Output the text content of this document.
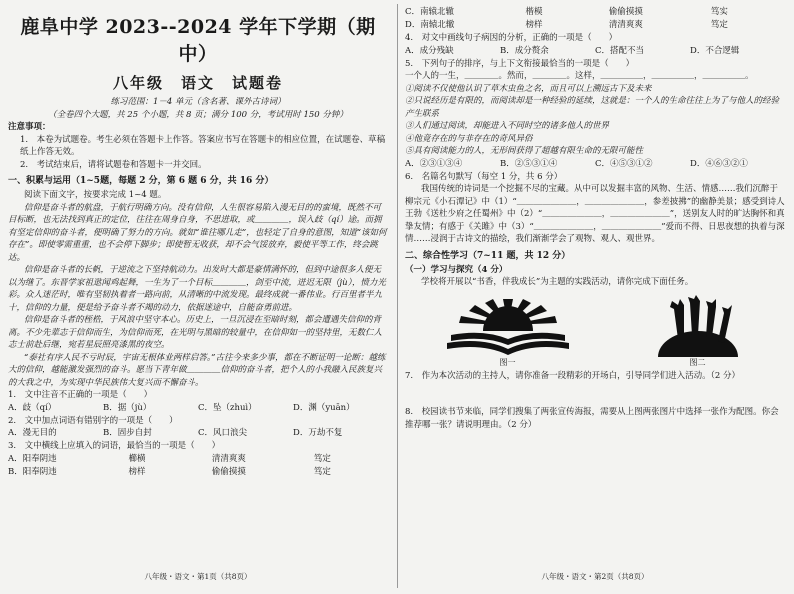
鹿阜中学 2023--2024 学年下学期（期中）
八年级　语文　试题卷

练习范围：1－4 单元（含名著、课外古诗词）

（全卷四个大题，共 25 个小题，共 8 页；满分 100 分，考试用时 150 分钟）

注意事项：

1.　本卷为试题卷。考生必须在答题卡上作答。答案应书写在答题卡的相应位置，在试题卷、草稿纸上作答无效。

2.　考试结束后，请将试题卷和答题卡一并交回。

一、积累与运用（1~5题，每题 2 分，第 6 题 6 分，共 16 分）

阅读下面文字，按要求完成 1~4 题。

信仰是奋斗者的航盘，于航行明确方向。没有信仰，人生很容易陷入漫无目的的蛮境，既然不可目标断，也无法找到真正的定位，往往在周身自身，不思进取，或＿＿＿＿，误入歧（qí）途。而拥有坚定信仰的奋斗者，便明确了努力的方向。就如“谁往哪儿走”，也轻定了自身的意图，知道“该如何存在”。即使零需重重，也不会停下脚步；即使暂无收获，却不会气馁放弃，毅使平等工作，终会跳达。

信仰是奋斗者的长帆，于逆流之下坚持航动力。出发时大都是豪情满怀的，但到中途很多人便无以为继了。东晋学家祖逖闻鸡起舞，一生为了一个目标＿＿＿＿，剑至中流，迸迟无限（jù），愤力光彩。众人迷茫时，唯有坚韧执着者一路向前，从清晰的中流发现。最终成就一番伟业。行百里者半九十，信仰的力量，便是给予奋斗者不竭的动力，依据迷途中，自能奋勇前进。

信仰是奋斗者的桎梏，于风浪中坚守本心。历史上，一旦沉浸在至暗时刻，都会遭遇失信仰的背离。不少先辈志于信仰而生，为信仰而死，在光明与黑暗的较量中，在信仰如一的坚持里，无数仁人志士前赴后继，宛若星辰照亮漆黑的夜空。

“泰社有序人民不亏时辰，宇宙无根体业两样启答。”古往今来多少事，都在不断证明一论断：越练大的信仰，越能激发强烈的奋斗。愿当下青年做＿＿＿＿信仰的奋斗者，把个人的小我融入民族复兴的大我之中，为实现中华民族伟大复兴而不懈奋斗。

1.　文中注音不正确的一项是（　　）

A．歧（qí）	B．据（jù）	C．坠（zhuì）	D．渊（yuān）

2.　文中加点词语有错别字的一项是（　　）

A．漫无目的	B．固步自封	C．风口浪尖	D．万劫不复

3.　文中横线上应填入的词语，最恰当的一项是（　　）

A．阳奉阴违	櫛横	清清爽爽	笃定
B．阳奉阴违	榜样	偷偷摸摸	笃定
八年级・语文・第1页（共8页）
C．南辕北辙	楷模	偷偷摸摸	笃实
D．南辕北辙	榜样	清清爽爽	笃定

4.　对文中画线句子病因的分析，正确的一项是（　　）

A．成分残缺	B．成分赘余	C．搭配不当	D．不合逻辑

5.　下列句子的排序，与上下文衔接最恰当的一项是（　　）

一个人的一生，＿＿＿＿。然而，＿＿＿＿。这样，＿＿＿＿＿，＿＿＿＿＿，＿＿＿＿＿。

①阅读不仅使他认识了草木虫鱼之名，而且可以上溯远古下及未来

②只说经历是有限的，而阅读却是一种经验的延续，这就是：一个人的生命往往上为了与他人的经验产生联系

③人们通过阅读，却能进入不同时空的诸多他人的世界

④他竟存在的与非存在的奇风异俗

⑤具有阅读能力的人，无形间获得了超越有限生命的无限可能性

A．②③①③④	B．②⑤③①④	C．④⑤③①②	D．④⑥③②①

6.　名篇名句默写（每空 1 分，共 6 分）

我国传统的诗词是一个挖掘不尽的宝藏。从中可以发掘丰富的风物、生活、情感……我们沉醉于柳宗元《小石潭记》中（1）“＿＿＿＿＿＿＿，＿＿＿＿＿＿＿，参差披拂”的幽静美景；感受到诗人王勃《送杜少府之任蜀州》中（2）“＿＿＿＿＿＿＿，＿＿＿＿＿＿＿”，送别友人时的旷达胸怀和真挚友情；有感于《关雎》中（3）“＿＿＿＿＿＿＿，＿＿＿＿＿＿＿”爱而不得、日思夜想的执着与深情……浸润于古诗文的描绘，我们渐渐学会了观物、观人、观世界。

二、综合性学习（7~11 题，共 12 分）

（一）学习与探究（4 分）

学校将开展以“书香，伴我成长”为主题的实践活动，请你完成下面任务。

图一	图二

7.　作为本次活动的主持人，请你准备一段精彩的开场白，引导同学们进入活动。（2 分）

8.　校园读书节来临，同学们搜集了两张宣传海报，需要从上图两张图片中选择一张作为配图。你会推荐哪一张？请说明理由。（2 分）

八年级・语文・第2页（共8页）
